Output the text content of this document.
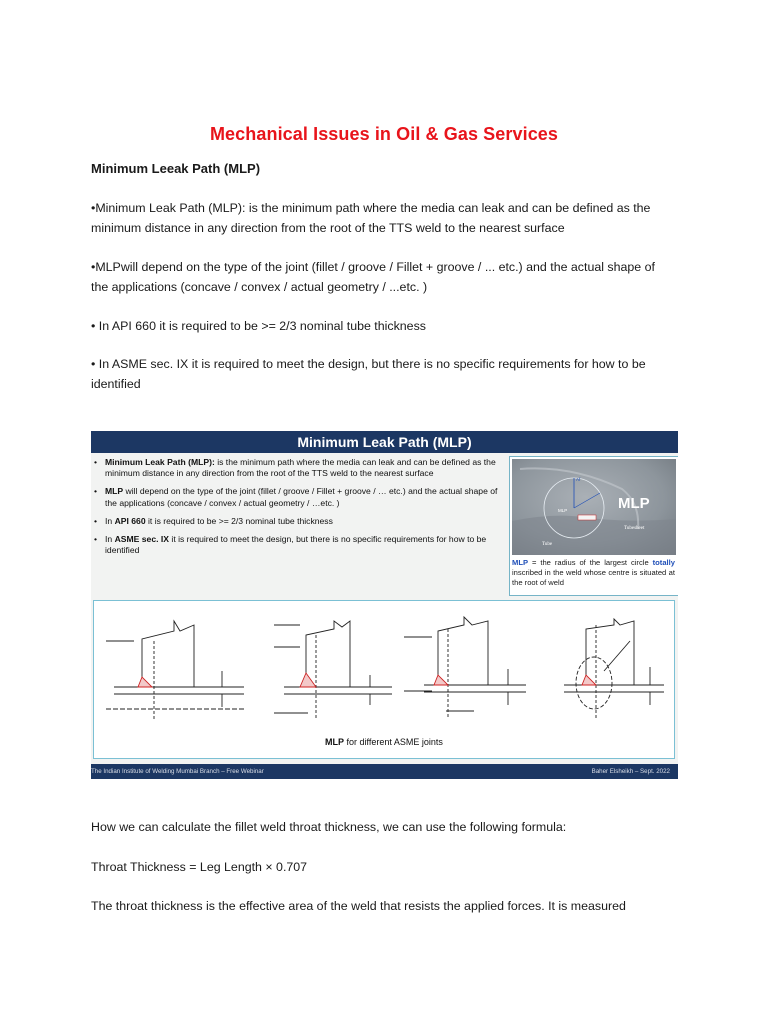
Mechanical Issues in Oil & Gas Services
Minimum Leeak Path (MLP)
•Minimum Leak Path (MLP): is the minimum path where the media can leak and can be defined as the minimum distance in any direction from the root of the TTS weld to the nearest surface
•MLPwill depend on the type of the joint (fillet / groove / Fillet + groove / ... etc.) and the actual shape of the applications (concave / convex / actual geometry / ...etc. )
• In API 660 it is required to be >= 2/3 nominal tube thickness
• In ASME sec. IX it is required to meet the design, but there is no specific requirements for how to be identified
Minimum Leak Path (MLP)
• Minimum Leak Path (MLP): is the minimum path where the media can leak and can be defined as the minimum distance in any direction from the root of the TTS weld to the nearest surface
• MLP will depend on the type of the joint (fillet / groove / Fillet + groove / … etc.) and the actual shape of the applications (concave / convex / actual geometry / …etc. )
• In API 660 it is required to be >= 2/3 nominal tube thickness
• In ASME sec. IX it is required to meet the design, but there is no specific requirements for how to be identified
MLP
Af
MLP
Tube
Tubesheet
MLP = the radius of the largest circle totally inscribed in the weld whose centre is situated at the root of weld
MLP for different ASME joints
The Indian Institute of Welding Mumbai Branch – Free Webinar	Baher Elsheikh – Sept. 2022
How we can calculate the fillet weld throat thickness, we can use the following formula:
Throat Thickness = Leg Length × 0.707
The throat thickness is the effective area of the weld that resists the applied forces. It is measured
